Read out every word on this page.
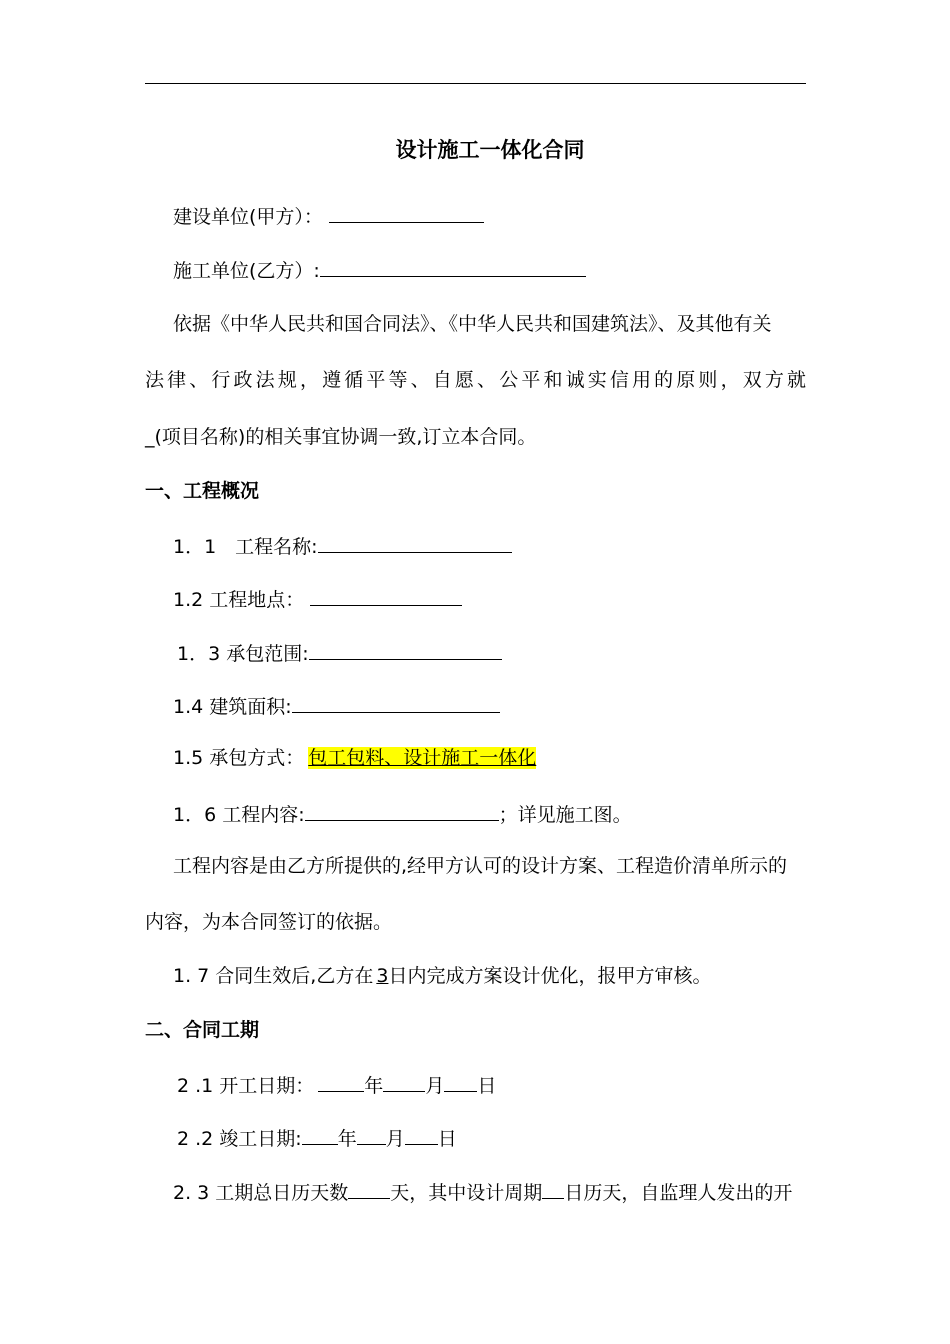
设计施工一体化合同
建设单位(甲方）：
施工单位(乙方）:
依据《中华人民共和国合同法》、《中华人民共和国建筑法》、及其他有关
法律、行政法规，遵循平等、自愿、公平和诚实信用的原则，双方就
_(项目名称)的相关事宜协调一致,订立本合同。
一、工程概况
1．1　工程名称:
1.2 工程地点：
1．3 承包范围:
1.4 建筑面积:
1.5 承包方式： 包工包料、设计施工一体化
1．6 工程内容:	；详见施工图。
工程内容是由乙方所提供的,经甲方认可的设计方案、工程造价清单所示的
内容，为本合同签订的依据。
1. 7 合同生效后,乙方在 3日内完成方案设计优化，报甲方审核。
二、合同工期
2 .1 开工日期：	年 月 日
2 .2 竣工日期: 年 月 日
2. 3 工期总日历天数 天，其中设计周期 日历天，自监理人发出的开
